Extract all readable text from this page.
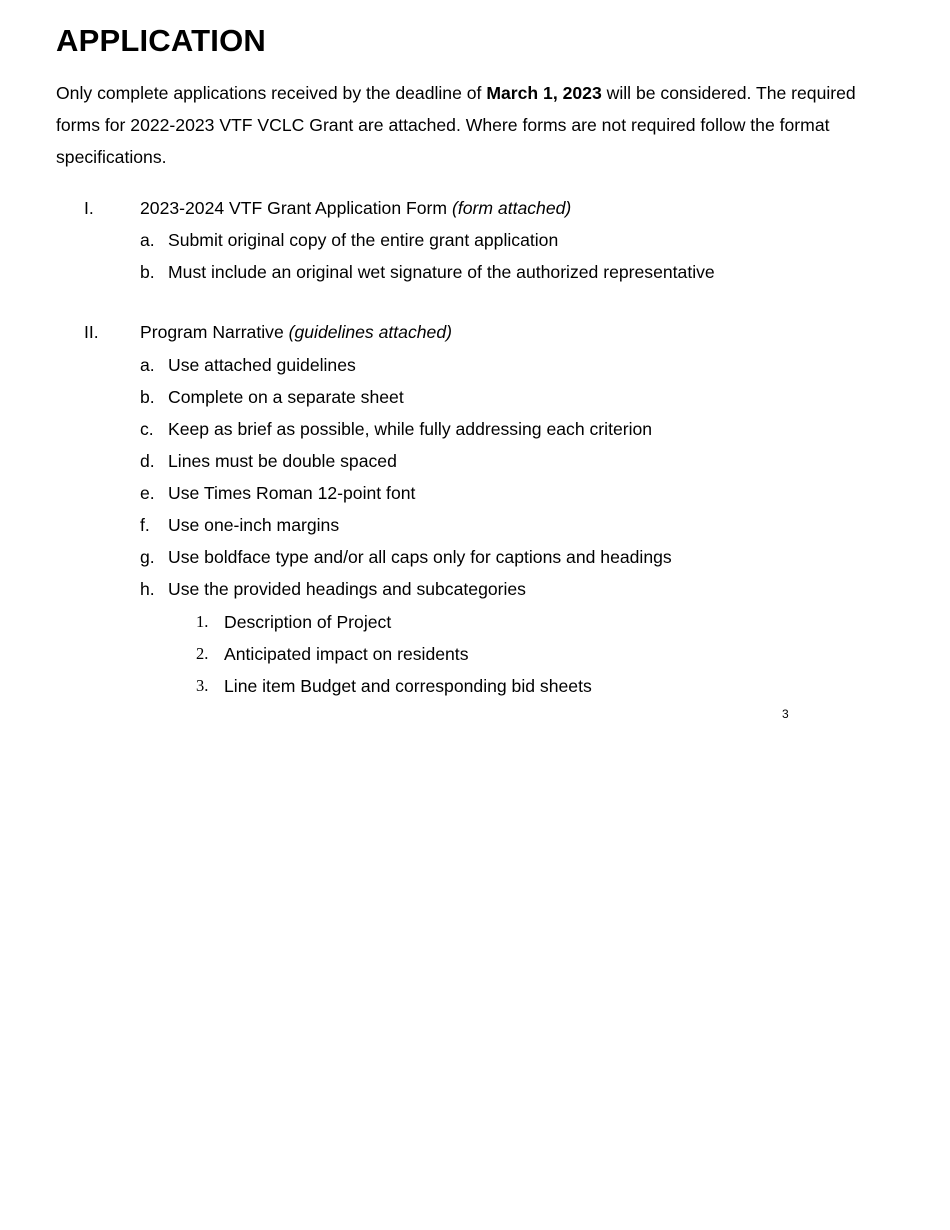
APPLICATION

Only complete applications received by the deadline of March 1, 2023 will be considered. The required forms for 2022-2023 VTF VCLC Grant are attached. Where forms are not required follow the format specifications.

I.	2023-2024 VTF Grant Application Form (form attached)
a. Submit original copy of the entire grant application
b. Must include an original wet signature of the authorized representative
II. Program Narrative (guidelines attached)
a. Use attached guidelines
b. Complete on a separate sheet
c. Keep as brief as possible, while fully addressing each criterion
d. Lines must be double spaced
e. Use Times Roman 12-point font
f. Use one-inch margins
g. Use boldface type and/or all caps only for captions and headings
h. Use the provided headings and subcategories
1. Description of Project
2. Anticipated impact on residents
3. Line item Budget and corresponding bid sheets
3
